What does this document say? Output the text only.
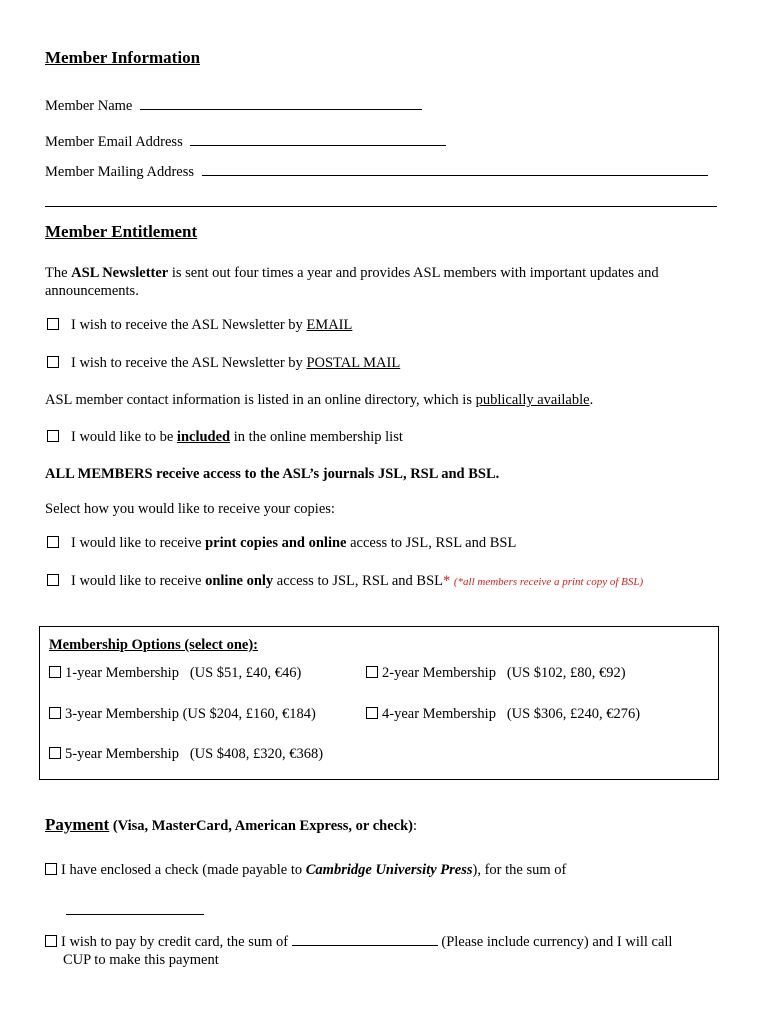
Member Information
Member Name
Member Email Address
Member Mailing Address
Member Entitlement
The ASL Newsletter is sent out four times a year and provides ASL members with important updates and
announcements.
I wish to receive the ASL Newsletter by EMAIL
I wish to receive the ASL Newsletter by POSTAL MAIL
ASL member contact information is listed in an online directory, which is publically available.
I would like to be included in the online membership list
ALL MEMBERS receive access to the ASL’s journals JSL, RSL and BSL.
Select how you would like to receive your copies:
I would like to receive print copies and online access to JSL, RSL and BSL
I would like to receive online only access to JSL, RSL and BSL* (*all members receive a print copy of BSL)
Membership Options (select one):
1-year Membership   (US $51, £40, €46)	2-year Membership   (US $102, £80, €92)
3-year Membership (US $204, £160, €184)	4-year Membership   (US $306, £240, €276)
5-year Membership   (US $408, £320, €368)
Payment (Visa, MasterCard, American Express, or check):
I have enclosed a check (made payable to Cambridge University Press), for the sum of
I wish to pay by credit card, the sum of	(Please include currency) and I will call
CUP to make this payment
